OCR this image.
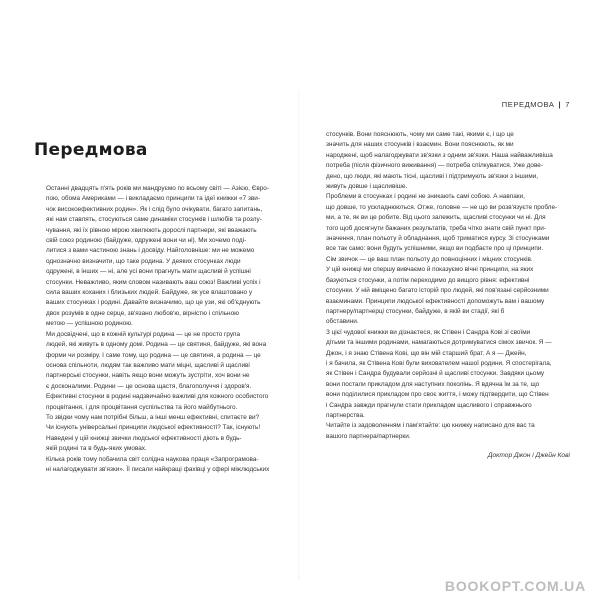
ПЕРЕДМОВА | 7
Передмова

Останні двадцять п'ять років ми мандруємо по всьому світі — Азією, Євро-
пою, обома Америками — і викладаємо принципи та ідеї книжки «7 зви-
чок високоефективних родин». Як і слід було очікувати, багато запитань,
які нам ставлять, стосуються саме динаміки стосунків і шлюбів та розлу-
чування, які їх рівною мірою хвилюють дорослі партнери, які вважають
свій союз родиною (байдуже, одружені вони чи ні). Ми хочемо поді-
литися з вами частиною знань і досвіду. Найголовніше: ми не можемо
однозначно визначити, що таке родина. У деяких стосунках люди
одружені, в інших — ні, але усі вони прагнуть мати щасливі й успішні
стосунки. Неважливо, яким словом називають ваш союз! Важливі успіх і
сила ваших коханих і близьких людей. Байдуже, як усе влаштовано у
ваших стосунках і родині. Давайте визначимо, що це узи, які об'єднують
двох розумів в одне серце, зв'язано любов'ю, вірністю і спільною
метою — успішною родиною.

Ми досвідчені, що в кожній культурі родина — це не просто група
людей, які живуть в одному домі. Родина — це святиня, байдуже, які вона
форми чи розміру. І саме тому, що родина — це святиня, а родина — це
основа спільноти, людям так важливо мати міцні, щасливі й щасливі
партнерські стосунки, навіть якщо вони можуть зустріти, хоч вони не
є досконалими. Родини — це основа щастя, благополуччя і здоров'я.
Ефективні стосунки в родині надзвичайно важливі для кожного особистого
процвітання, і для процвітання суспільства та його майбутнього.

То звідки чому нам потрібні більш, а інші менш ефективні, спитаєте ви?
Чи існують універсальні принципи людської ефективності? Так, існують!
Наведені у цій книжці звички людської ефективності діють в будь-
якій родині та в будь-яких умовах.

Кілька років тому побачила світ солідна наукова праця «Запрограмова-
ні налагоджувати зв'язки». Її писали найкращі фахівці у сфері міжлюдських

стосунків. Вони пояснюють, чому ми саме такі, якими є, і що це
значить для наших стосунків і взаємин. Вони пояснюють, як ми
народжені, щоб налагоджувати зв'язки з одним зв'язки. Наша найважливіша
потреба (після фізичного виживання) — потреба спілкуватися. Уже дове-
дено, що люди, які мають тісні, щасливі і підтримують зв'язки з іншими,
живуть довше і щасливіше.

Проблеми в стосунках і родині не зникають самі собою. А навпаки,
що довше, то ускладнюються. Отже, головне — не що ви розв'язуєте пробле-
ми, а те, як ви це робите. Від цього залежить, щасливі стосунки чи ні. Для
того щоб досягнути бажаних результатів, треба чітко знати свій пункт при-
значення, план польоту й обладнання, щоб триматися курсу. Зі стосунками
все так само: вони будуть успішними, якщо ви подбаєте про ці принципи.
Сім звичок — це ваш план польоту до повноцінних і міцних стосунків.

У цій книжці ми спершу вивчаємо й показуємо вічні принципи, на яких
базуються стосунки, а потім переходимо до вищого рівня: ефективні
стосунки. У ній вміщено багато історій про людей, які пов'язані серйозними
взаєминами. Принципи людської ефективності допоможуть вам і вашому
партнеру/партнерці стосунки, байдуже, в якій ви стадії, які б
обставини.

З цієї чудової книжки ви дізнаєтеся, як Стівен і Сандра Кові зі своїми
дітьми та іншими родинами, намагаються дотримуватися сімох звичок. Я —
Джон, і я знаю Стівена Кові, що він мій старший брат. А я — Джейн,
і я бачила, як Стівена Кові були вихователем нашої родини. Я спостерігала,
як Стівен і Сандра будували серйозні й щасливі стосунки. Завдяки цьому
вони постали прикладом для наступних поколінь. Я вдячна їм за те, що
вони поділилися прикладом про своє життя, і можу підтвердити, що Стівен
і Сандра завжди прагнули стати прикладом щасливого і справжнього
партнерства.

Читайте із задоволенням і пам'ятайте: цю книжку написано для вас та
вашого партнера/партнерки.

Доктор Джон і Джейн Кові
BOOKOPT.COM.UA
